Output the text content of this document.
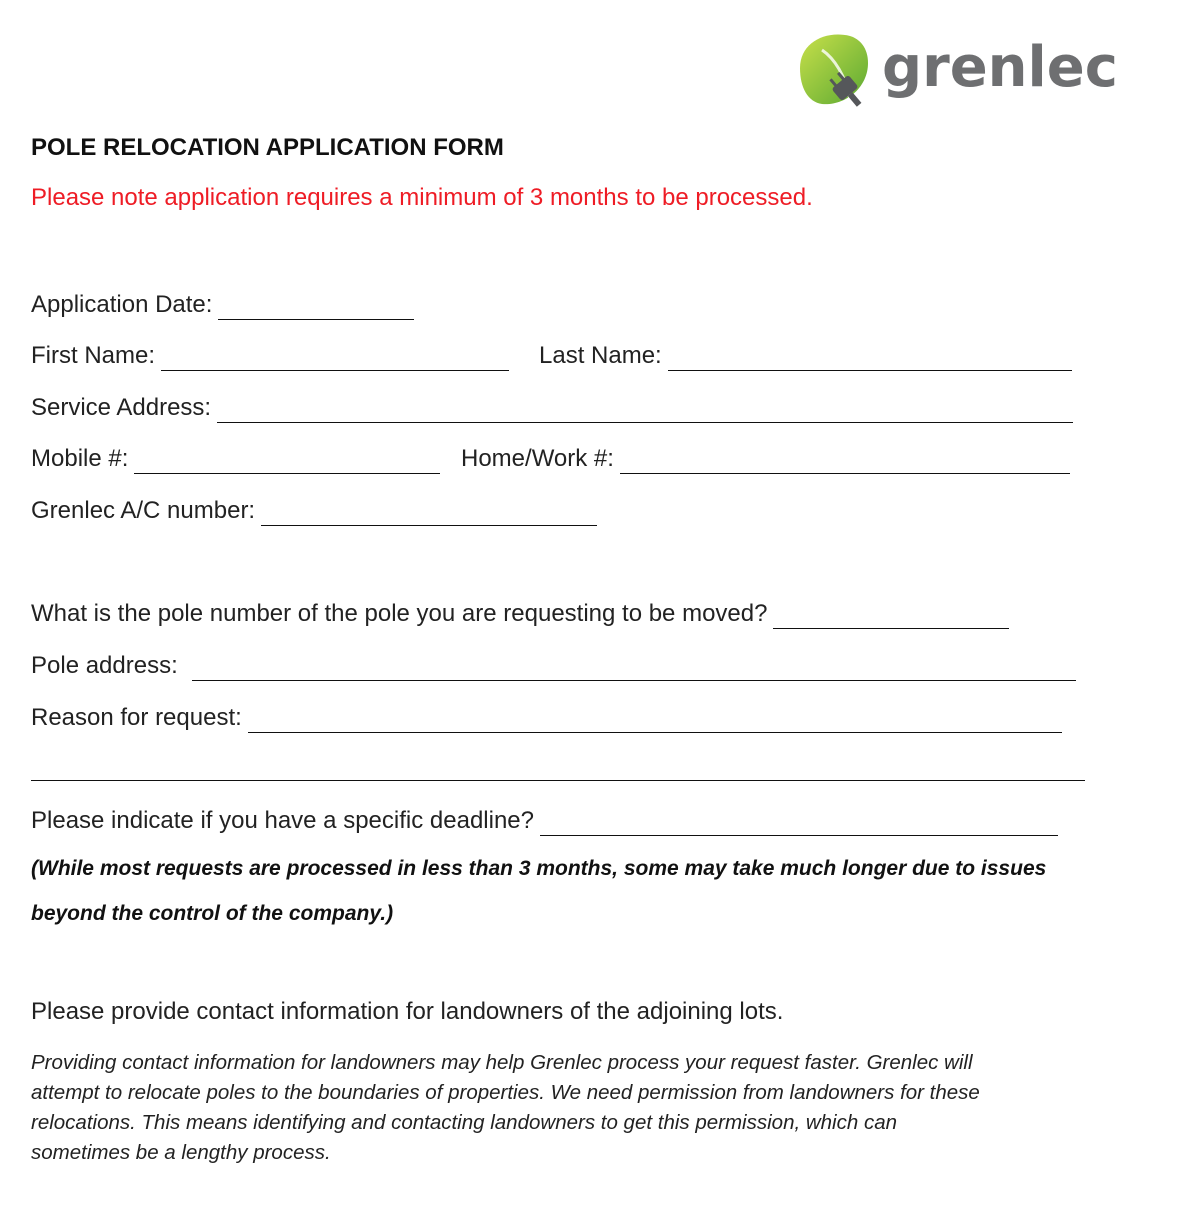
grenlec
POLE RELOCATION APPLICATION FORM
Please note application requires a minimum of 3 months to be processed.
Application Date:
First Name:	Last Name:
Service Address:
Mobile #:	Home/Work #:
Grenlec A/C number:
What is the pole number of the pole you are requesting to be moved?
Pole address:
Reason for request:
Please indicate if you have a specific deadline?
(While most requests are processed in less than 3 months, some may take much longer due to issues
beyond the control of the company.)
Please provide contact information for landowners of the adjoining lots.
Providing contact information for landowners may help Grenlec process your request faster. Grenlec will
attempt to relocate poles to the boundaries of properties. We need permission from landowners for these
relocations. This means identifying and contacting landowners to get this permission, which can
sometimes be a lengthy process.
